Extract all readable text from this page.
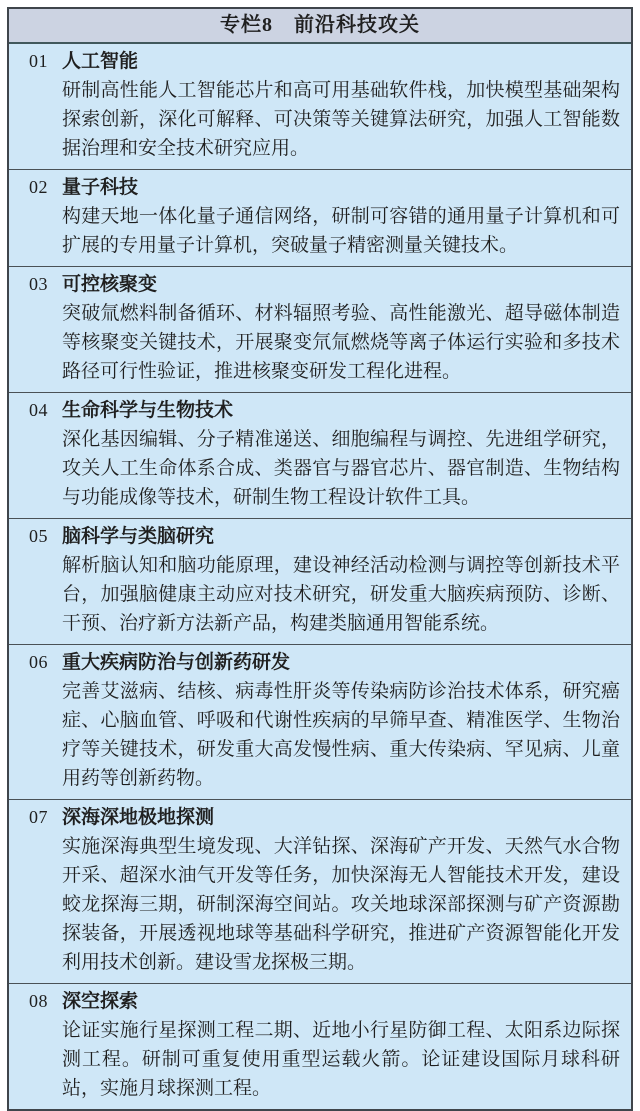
专栏8　前沿科技攻关
01 人工智能

研制高性能人工智能芯片和高可用基础软件栈，加快模型基础架构探索创新，深化可解释、可决策等关键算法研究，加强人工智能数据治理和安全技术研究应用。

02 量子科技

构建天地一体化量子通信网络，研制可容错的通用量子计算机和可扩展的专用量子计算机，突破量子精密测量关键技术。

03 可控核聚变

突破氚燃料制备循环、材料辐照考验、高性能激光、超导磁体制造等核聚变关键技术，开展聚变氘氚燃烧等离子体运行实验和多技术路径可行性验证，推进核聚变研发工程化进程。

04 生命科学与生物技术

深化基因编辑、分子精准递送、细胞编程与调控、先进组学研究，攻关人工生命体系合成、类器官与器官芯片、器官制造、生物结构与功能成像等技术，研制生物工程设计软件工具。

05 脑科学与类脑研究

解析脑认知和脑功能原理，建设神经活动检测与调控等创新技术平台，加强脑健康主动应对技术研究，研发重大脑疾病预防、诊断、干预、治疗新方法新产品，构建类脑通用智能系统。

06 重大疾病防治与创新药研发

完善艾滋病、结核、病毒性肝炎等传染病防诊治技术体系，研究癌症、心脑血管、呼吸和代谢性疾病的早筛早查、精准医学、生物治疗等关键技术，研发重大高发慢性病、重大传染病、罕见病、儿童用药等创新药物。

07 深海深地极地探测

实施深海典型生境发现、大洋钻探、深海矿产开发、天然气水合物开采、超深水油气开发等任务，加快深海无人智能技术开发，建设蛟龙探海三期，研制深海空间站。攻关地球深部探测与矿产资源勘探装备，开展透视地球等基础科学研究，推进矿产资源智能化开发利用技术创新。建设雪龙探极三期。

08 深空探索

论证实施行星探测工程二期、近地小行星防御工程、太阳系边际探测工程。研制可重复使用重型运载火箭。论证建设国际月球科研站，实施月球探测工程。
